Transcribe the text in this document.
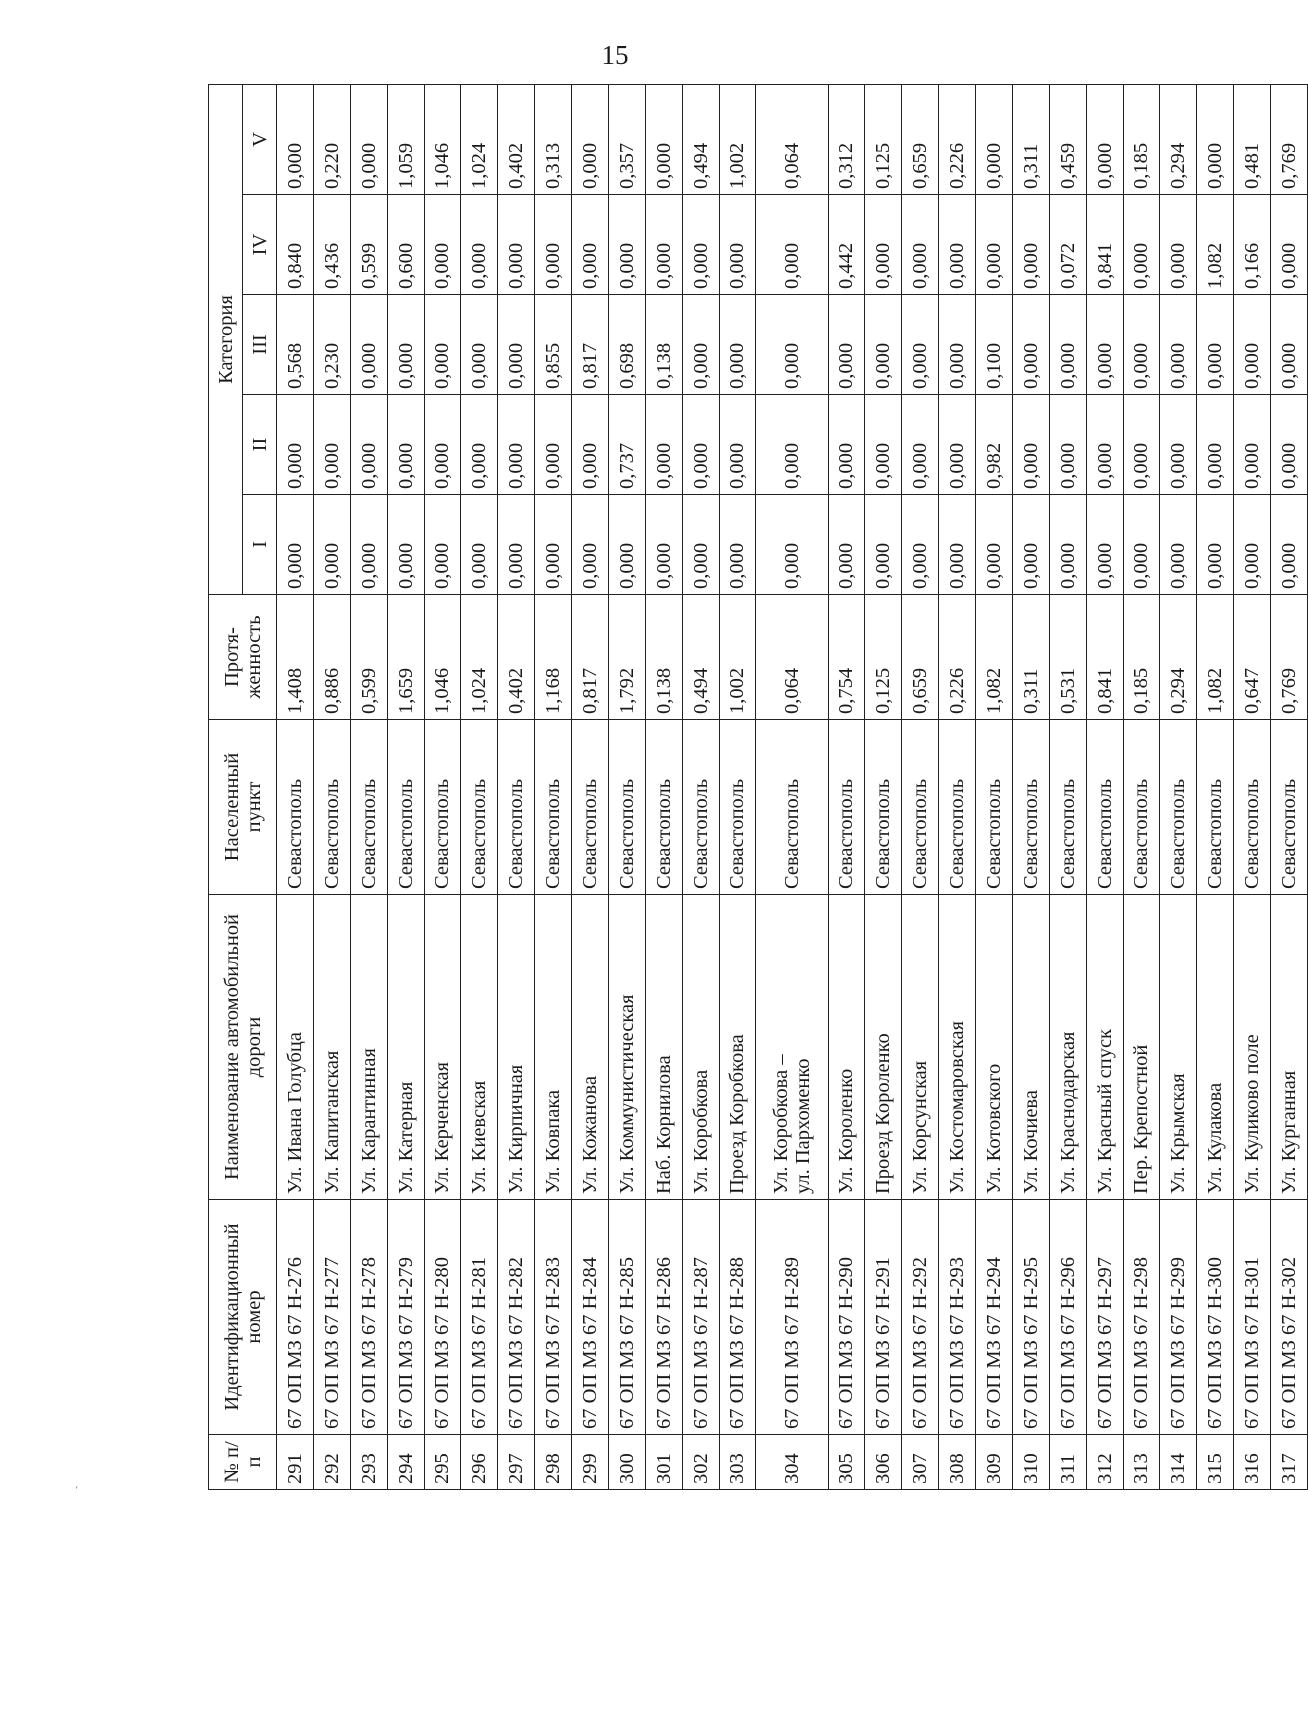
15
№ п/п	Идентификационный номер	Наименование автомобильной дороги	Населенный пункт	Протя-женность	Категория				
					I	II	III	IV	V
291	67 ОП МЗ 67 Н-276	Ул. Ивана Голубца	Севастополь	1,408	0,000	0,000	0,568	0,840	0,000
292	67 ОП МЗ 67 Н-277	Ул. Капитанская	Севастополь	0,886	0,000	0,000	0,230	0,436	0,220
293	67 ОП МЗ 67 Н-278	Ул. Карантинная	Севастополь	0,599	0,000	0,000	0,000	0,599	0,000
294	67 ОП МЗ 67 Н-279	Ул. Катерная	Севастополь	1,659	0,000	0,000	0,000	0,600	1,059
295	67 ОП МЗ 67 Н-280	Ул. Керченская	Севастополь	1,046	0,000	0,000	0,000	0,000	1,046
296	67 ОП МЗ 67 Н-281	Ул. Киевская	Севастополь	1,024	0,000	0,000	0,000	0,000	1,024
297	67 ОП МЗ 67 Н-282	Ул. Кирпичная	Севастополь	0,402	0,000	0,000	0,000	0,000	0,402
298	67 ОП МЗ 67 Н-283	Ул. Ковпака	Севастополь	1,168	0,000	0,000	0,855	0,000	0,313
299	67 ОП МЗ 67 Н-284	Ул. Кожанова	Севастополь	0,817	0,000	0,000	0,817	0,000	0,000
300	67 ОП МЗ 67 Н-285	Ул. Коммунистическая	Севастополь	1,792	0,000	0,737	0,698	0,000	0,357
301	67 ОП МЗ 67 Н-286	Наб. Корнилова	Севастополь	0,138	0,000	0,000	0,138	0,000	0,000
302	67 ОП МЗ 67 Н-287	Ул. Коробкова	Севастополь	0,494	0,000	0,000	0,000	0,000	0,494
303	67 ОП МЗ 67 Н-288	Проезд Коробкова	Севастополь	1,002	0,000	0,000	0,000	0,000	1,002
304	67 ОП МЗ 67 Н-289	Ул. Коробкова – ул. Пархоменко	Севастополь	0,064	0,000	0,000	0,000	0,000	0,064
305	67 ОП МЗ 67 Н-290	Ул. Короленко	Севастополь	0,754	0,000	0,000	0,000	0,442	0,312
306	67 ОП МЗ 67 Н-291	Проезд Короленко	Севастополь	0,125	0,000	0,000	0,000	0,000	0,125
307	67 ОП МЗ 67 Н-292	Ул. Корсунская	Севастополь	0,659	0,000	0,000	0,000	0,000	0,659
308	67 ОП МЗ 67 Н-293	Ул. Костомаровская	Севастополь	0,226	0,000	0,000	0,000	0,000	0,226
309	67 ОП МЗ 67 Н-294	Ул. Котовского	Севастополь	1,082	0,000	0,982	0,100	0,000	0,000
310	67 ОП МЗ 67 Н-295	Ул. Кочиева	Севастополь	0,311	0,000	0,000	0,000	0,000	0,311
311	67 ОП МЗ 67 Н-296	Ул. Краснодарская	Севастополь	0,531	0,000	0,000	0,000	0,072	0,459
312	67 ОП МЗ 67 Н-297	Ул. Красный спуск	Севастополь	0,841	0,000	0,000	0,000	0,841	0,000
313	67 ОП МЗ 67 Н-298	Пер. Крепостной	Севастополь	0,185	0,000	0,000	0,000	0,000	0,185
314	67 ОП МЗ 67 Н-299	Ул. Крымская	Севастополь	0,294	0,000	0,000	0,000	0,000	0,294
315	67 ОП МЗ 67 Н-300	Ул. Кулакова	Севастополь	1,082	0,000	0,000	0,000	1,082	0,000
316	67 ОП МЗ 67 Н-301	Ул. Куликово поле	Севастополь	0,647	0,000	0,000	0,000	0,166	0,481
317	67 ОП МЗ 67 Н-302	Ул. Курганная	Севастополь	0,769	0,000	0,000	0,000	0,000	0,769
ˊ
